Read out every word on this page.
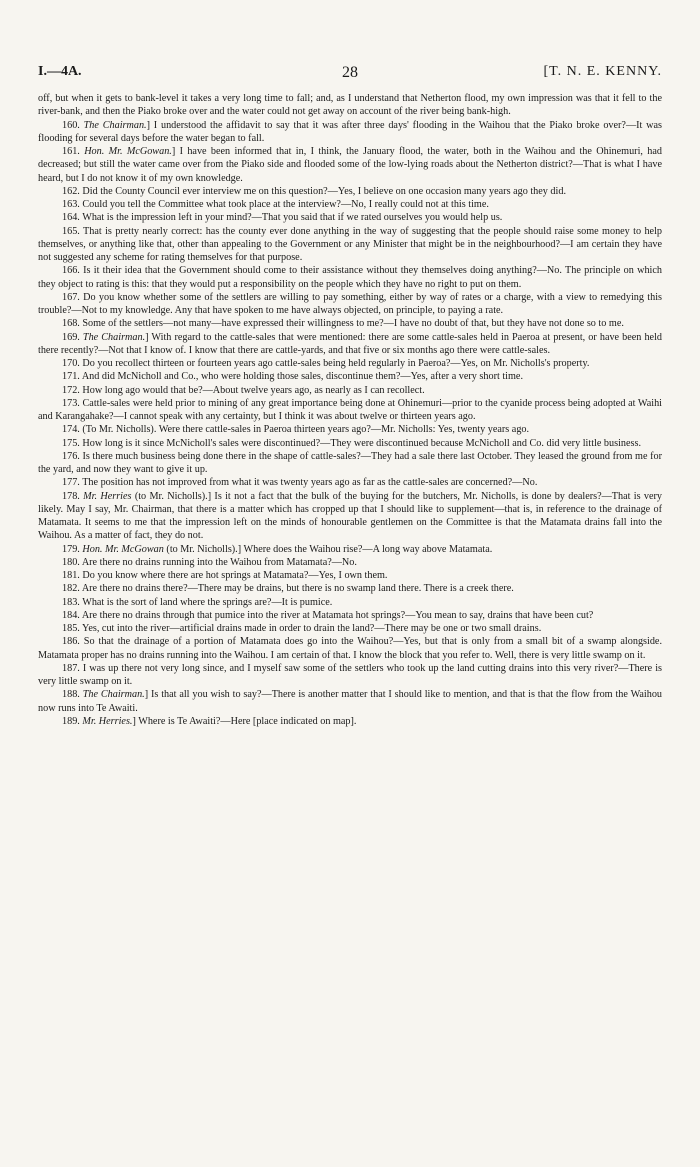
I.—4A.	28	[T. N. E. KENNY.

off, but when it gets to bank-level it takes a very long time to fall; and, as I understand that Netherton flood, my own impression was that it fell to the river-bank, and then the Piako broke over and the water could not get away on account of the river being bank-high.

160. The Chairman.] I understood the affidavit to say that it was after three days' flooding in the Waihou that the Piako broke over?—It was flooding for several days before the water began to fall.

161. Hon. Mr. McGowan.] I have been informed that in, I think, the January flood, the water, both in the Waihou and the Ohinemuri, had decreased; but still the water came over from the Piako side and flooded some of the low-lying roads about the Netherton district?—That is what I have heard, but I do not know it of my own knowledge.

162. Did the County Council ever interview me on this question?—Yes, I believe on one occasion many years ago they did.

163. Could you tell the Committee what took place at the interview?—No, I really could not at this time.

164. What is the impression left in your mind?—That you said that if we rated ourselves you would help us.

165. That is pretty nearly correct: has the county ever done anything in the way of suggesting that the people should raise some money to help themselves, or anything like that, other than appealing to the Government or any Minister that might be in the neighbourhood?—I am certain they have not suggested any scheme for rating themselves for that purpose.

166. Is it their idea that the Government should come to their assistance without they themselves doing anything?—No. The principle on which they object to rating is this: that they would put a responsibility on the people which they have no right to put on them.

167. Do you know whether some of the settlers are willing to pay something, either by way of rates or a charge, with a view to remedying this trouble?—Not to my knowledge. Any that have spoken to me have always objected, on principle, to paying a rate.

168. Some of the settlers—not many—have expressed their willingness to me?—I have no doubt of that, but they have not done so to me.

169. The Chairman.] With regard to the cattle-sales that were mentioned: there are some cattle-sales held in Paeroa at present, or have been held there recently?—Not that I know of. I know that there are cattle-yards, and that five or six months ago there were cattle-sales.

170. Do you recollect thirteen or fourteen years ago cattle-sales being held regularly in Paeroa?—Yes, on Mr. Nicholls's property.

171. And did McNicholl and Co., who were holding those sales, discontinue them?—Yes, after a very short time.

172. How long ago would that be?—About twelve years ago, as nearly as I can recollect.

173. Cattle-sales were held prior to mining of any great importance being done at Ohinemuri—prior to the cyanide process being adopted at Waihi and Karangahake?—I cannot speak with any certainty, but I think it was about twelve or thirteen years ago.

174. (To Mr. Nicholls). Were there cattle-sales in Paeroa thirteen years ago?—Mr. Nicholls: Yes, twenty years ago.

175. How long is it since McNicholl's sales were discontinued?—They were discontinued because McNicholl and Co. did very little business.

176. Is there much business being done there in the shape of cattle-sales?—They had a sale there last October. They leased the ground from me for the yard, and now they want to give it up.

177. The position has not improved from what it was twenty years ago as far as the cattle-sales are concerned?—No.

178. Mr. Herries (to Mr. Nicholls).] Is it not a fact that the bulk of the buying for the butchers, Mr. Nicholls, is done by dealers?—That is very likely. May I say, Mr. Chairman, that there is a matter which has cropped up that I should like to supplement—that is, in reference to the drainage of Matamata. It seems to me that the impression left on the minds of honourable gentlemen on the Committee is that the Matamata drains fall into the Waihou. As a matter of fact, they do not.

179. Hon. Mr. McGowan (to Mr. Nicholls).] Where does the Waihou rise?—A long way above Matamata.

180. Are there no drains running into the Waihou from Matamata?—No.

181. Do you know where there are hot springs at Matamata?—Yes, I own them.

182. Are there no drains there?—There may be drains, but there is no swamp land there. There is a creek there.

183. What is the sort of land where the springs are?—It is pumice.

184. Are there no drains through that pumice into the river at Matamata hot springs?—You mean to say, drains that have been cut?

185. Yes, cut into the river—artificial drains made in order to drain the land?—There may be one or two small drains.

186. So that the drainage of a portion of Matamata does go into the Waihou?—Yes, but that is only from a small bit of a swamp alongside. Matamata proper has no drains running into the Waihou. I am certain of that. I know the block that you refer to. Well, there is very little swamp on it.

187. I was up there not very long since, and I myself saw some of the settlers who took up the land cutting drains into this very river?—There is very little swamp on it.

188. The Chairman.] Is that all you wish to say?—There is another matter that I should like to mention, and that is that the flow from the Waihou now runs into Te Awaiti.

189. Mr. Herries.] Where is Te Awaiti?—Here [place indicated on map].
